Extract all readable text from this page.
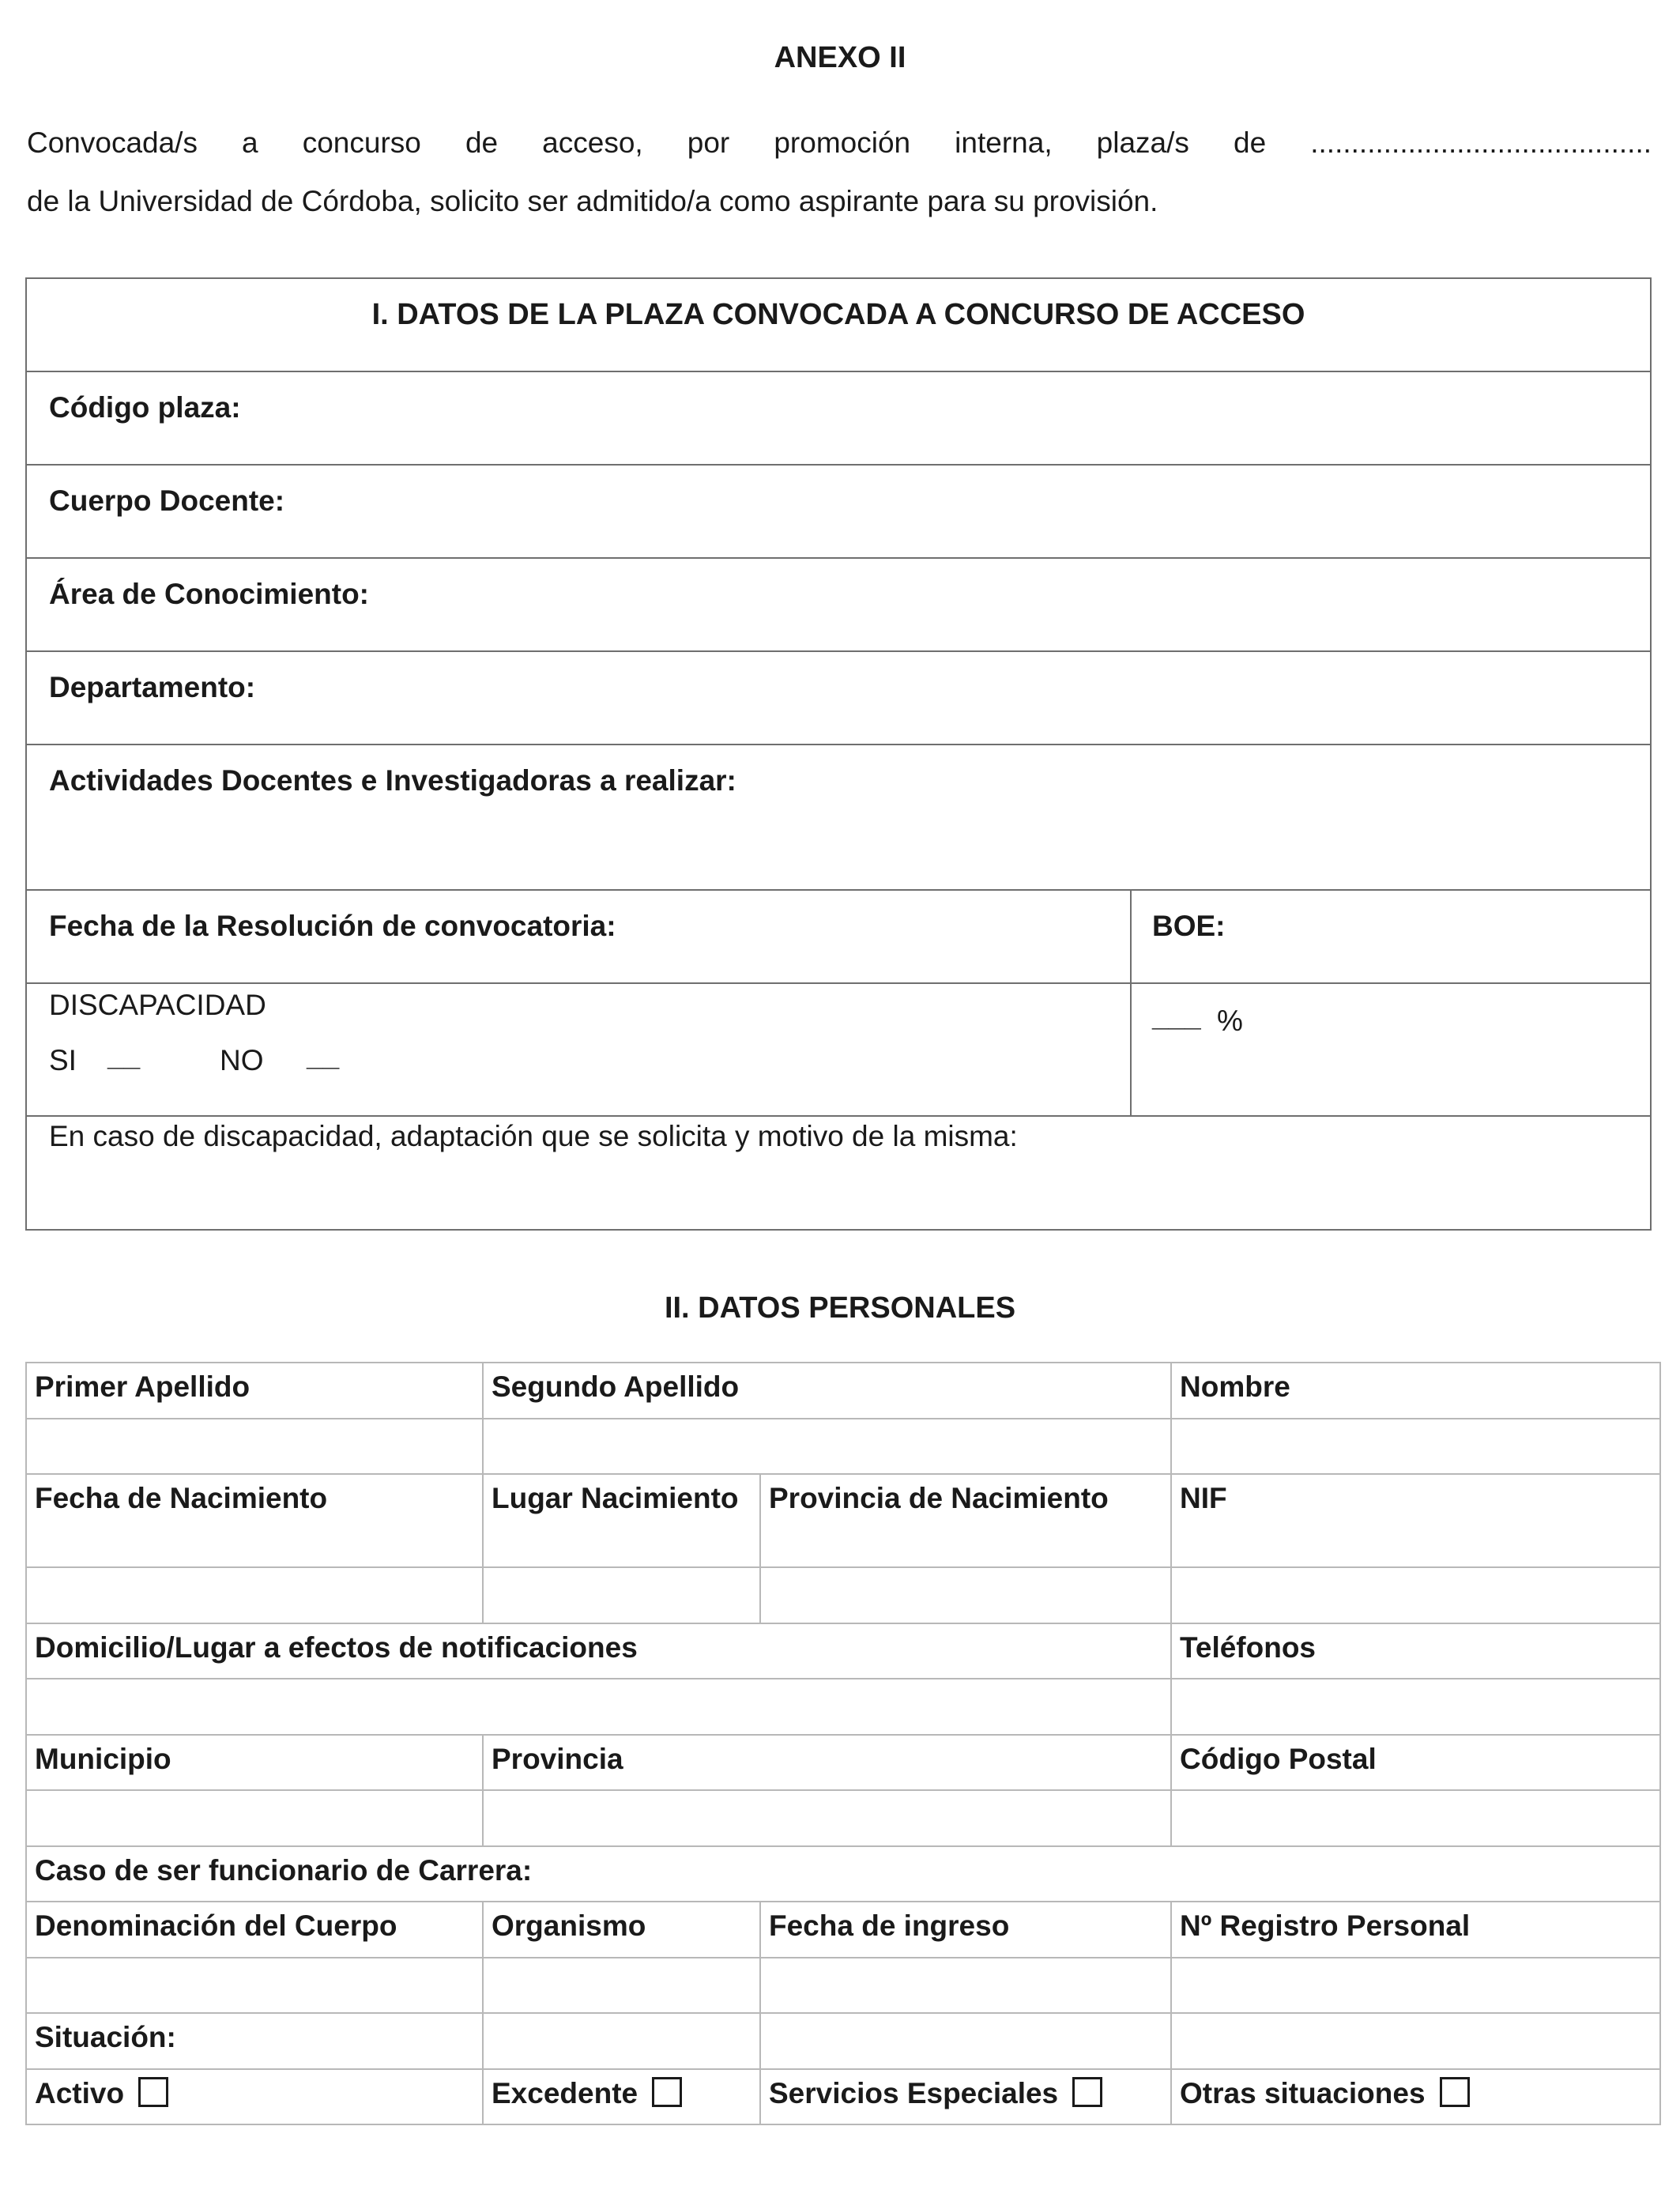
ANEXO II
Convocada/s a concurso de acceso, por promoción interna, plaza/s de ..........................................
de la Universidad de Córdoba, solicito ser admitido/a como aspirante para su provisión.
I. DATOS DE LA PLAZA CONVOCADA A CONCURSO DE ACCESO
Código plaza:
Cuerpo Docente:
Área de Conocimiento:
Departamento:
Actividades Docentes e Investigadoras a realizar:
Fecha de la Resolución de convocatoria:	BOE:
DISCAPACIDAD
SI __	NO __
___ %
En caso de discapacidad, adaptación que se solicita y motivo de la misma:
II. DATOS PERSONALES
Primer Apellido	Segundo Apellido		Nombre

Fecha de Nacimiento	Lugar Nacimiento	Provincia de Nacimiento	NIF

Domicilio/Lugar a efectos de notificaciones			Teléfonos

Municipio	Provincia		Código Postal

Caso de ser funcionario de Carrera:			
Denominación del Cuerpo	Organismo	Fecha de ingreso	Nº Registro Personal

Situación:			
Activo	Excedente	Servicios Especiales	Otras situaciones
